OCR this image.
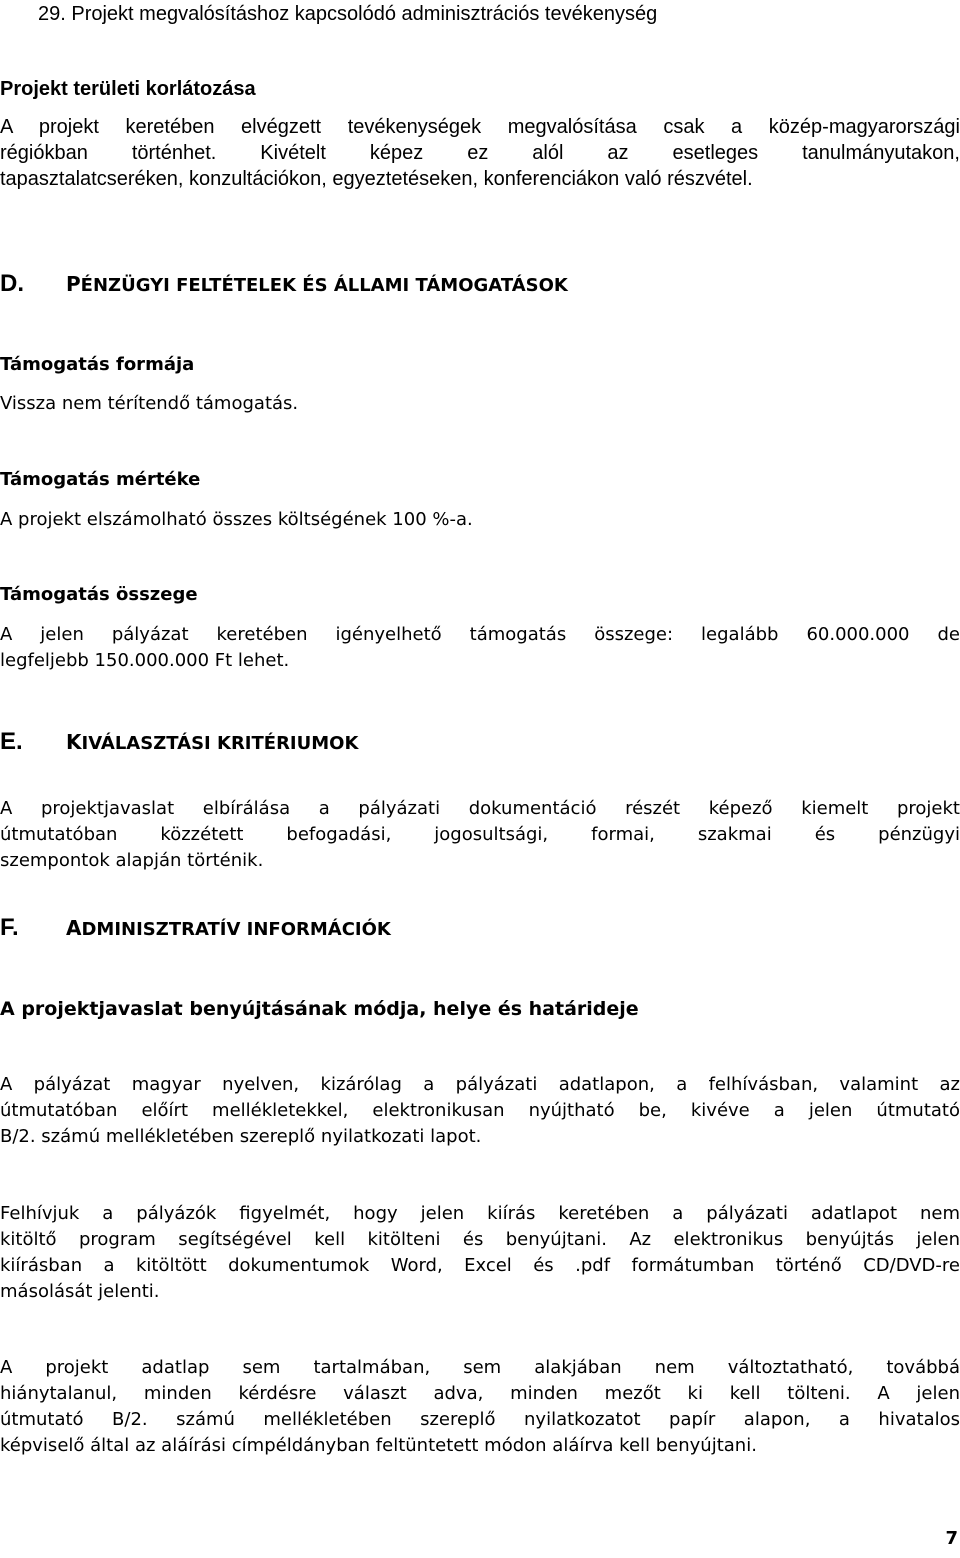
29. Projekt megvalósításhoz kapcsolódó adminisztrációs tevékenység
Projekt területi korlátozása
A projekt keretében elvégzett tevékenységek megvalósítása csak a közép-magyarországi
régiókban történhet. Kivételt képez ez alól az esetleges tanulmányutakon,
tapasztalatcseréken, konzultációkon, egyeztetéseken, konferenciákon való részvétel.
D.	PÉNZÜGYI FELTÉTELEK ÉS ÁLLAMI TÁMOGATÁSOK
Támogatás formája
Vissza nem térítendő támogatás.
Támogatás mértéke
A projekt elszámolható összes költségének 100 %-a.
Támogatás összege
A jelen pályázat keretében igényelhető támogatás összege: legalább 60.000.000 de
legfeljebb 150.000.000 Ft lehet.
E.	KIVÁLASZTÁSI KRITÉRIUMOK
A projektjavaslat elbírálása a pályázati dokumentáció részét képező kiemelt projekt
útmutatóban közzétett befogadási, jogosultsági, formai, szakmai és pénzügyi
szempontok alapján történik.
F.	ADMINISZTRATÍV INFORMÁCIÓK
A projektjavaslat benyújtásának módja, helye és határideje
A pályázat magyar nyelven, kizárólag a pályázati adatlapon, a felhívásban, valamint az
útmutatóban előírt mellékletekkel, elektronikusan nyújtható be, kivéve a jelen útmutató
B/2. számú mellékletében szereplő nyilatkozati lapot.
Felhívjuk a pályázók figyelmét, hogy jelen kiírás keretében a pályázati adatlapot nem
kitöltő program segítségével kell kitölteni és benyújtani. Az elektronikus benyújtás jelen
kiírásban a kitöltött dokumentumok Word, Excel és .pdf formátumban történő CD/DVD-re
másolását jelenti.
A projekt adatlap sem tartalmában, sem alakjában nem változtatható, továbbá
hiánytalanul, minden kérdésre választ adva, minden mezőt ki kell tölteni. A jelen
útmutató B/2. számú mellékletében szereplő nyilatkozatot papír alapon, a hivatalos
képviselő által az aláírási címpéldányban feltüntetett módon aláírva kell benyújtani.
7
